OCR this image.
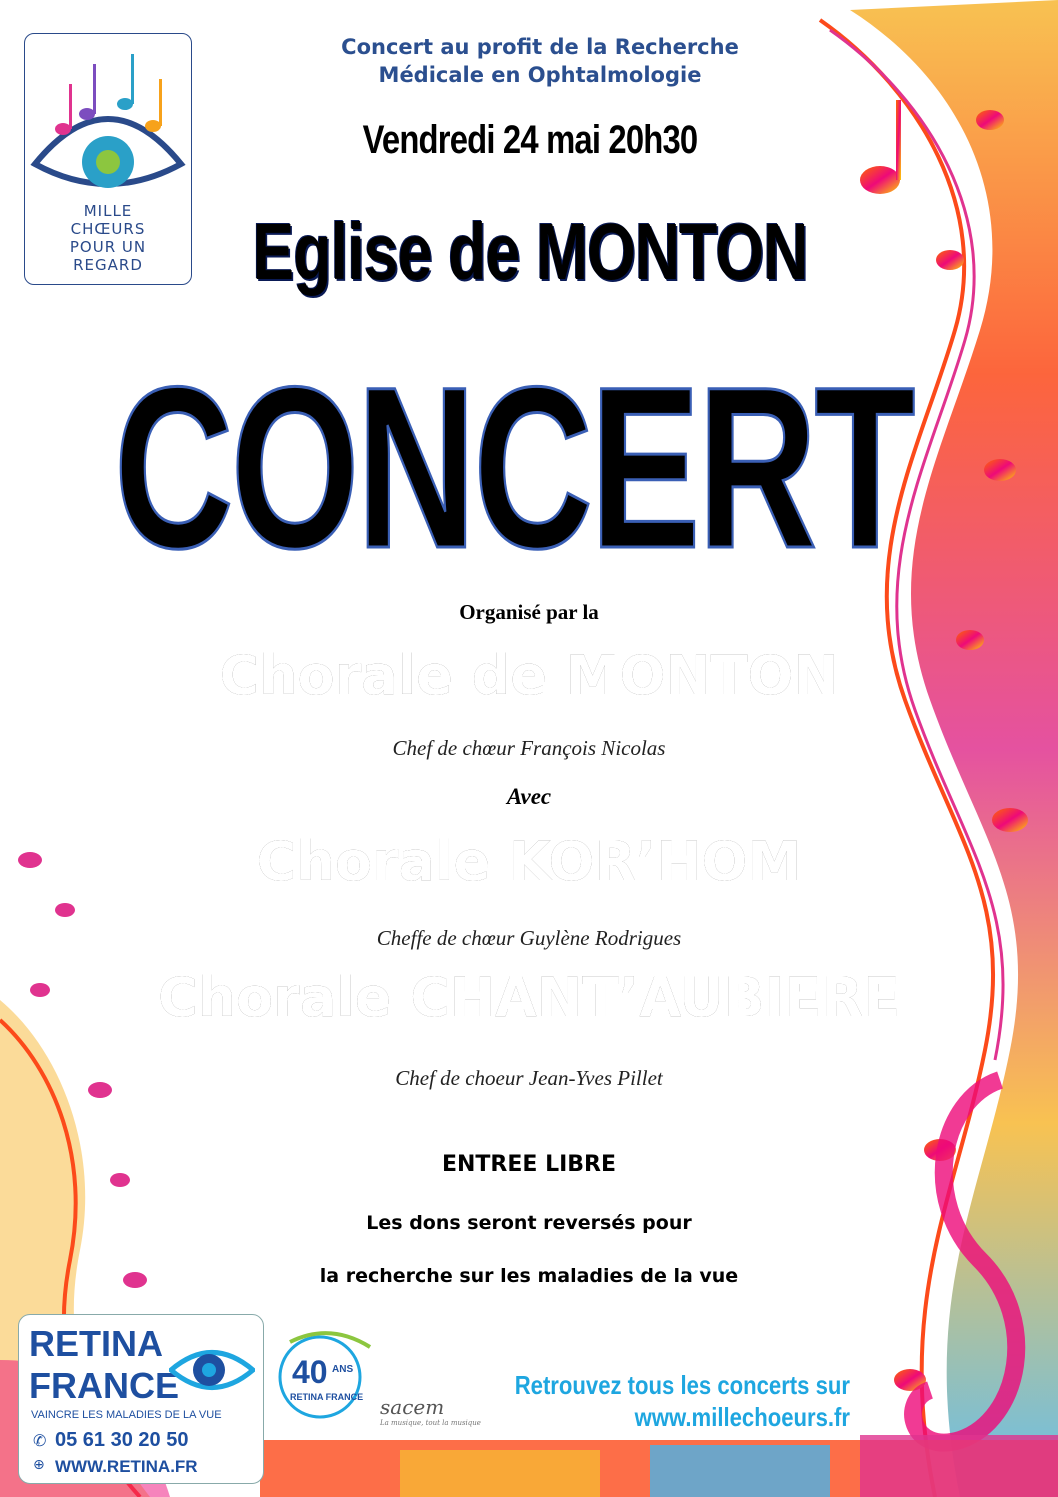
MILLE
CHŒURS
POUR UN
REGARD
Concert au profit de la Recherche
Médicale en Ophtalmologie
Vendredi 24 mai 20h30
Eglise de MONTON
CONCERT
Organisé par la
Chorale de MONTON
Chef de chœur François Nicolas
Avec
Chorale KOR’HOM
Cheffe de chœur Guylène Rodrigues
Chorale CHANT’AUBIERE
Chef de choeur Jean-Yves Pillet
ENTREE LIBRE
Les dons seront reversés pour
la recherche sur les maladies de la vue
RETINA
FRANCE
VAINCRE LES MALADIES DE LA VUE
✆ 05 61 30 20 50
⊕ WWW.RETINA.FR
40 ANS
RETINA FRANCE sacem
La musique, tout la musique
Retrouvez tous les concerts sur
www.millechoeurs.fr
